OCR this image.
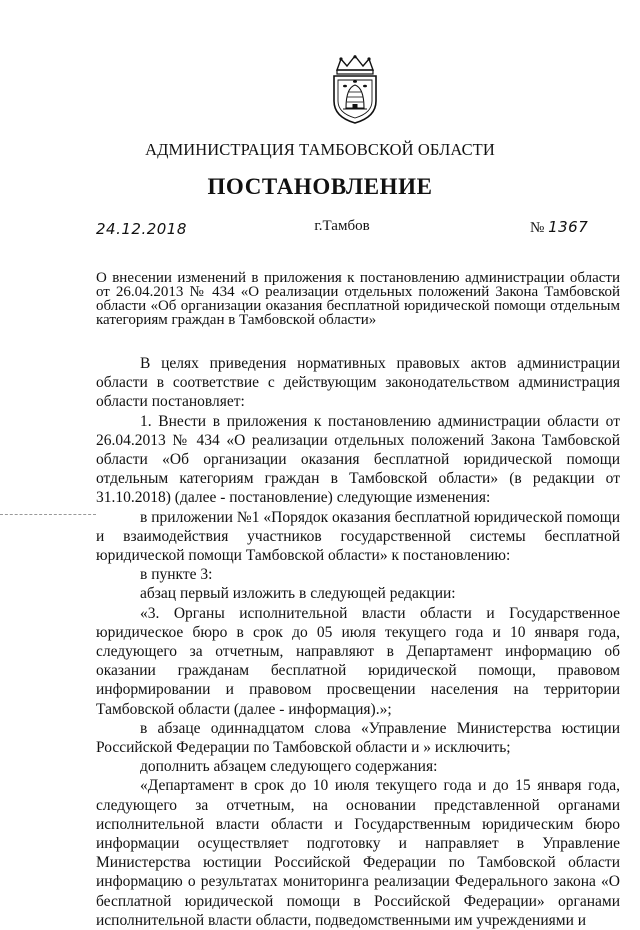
АДМИНИСТРАЦИЯ ТАМБОВСКОЙ ОБЛАСТИ
ПОСТАНОВЛЕНИЕ
24.12.2018	г.Тамбов	№ 1367
О внесении изменений в приложения к постановлению администрации области от 26.04.2013 № 434 «О реализации отдельных положений Закона Тамбовской области «Об организации оказания бесплатной юридической помощи отдельным категориям граждан в Тамбовской области»

В целях приведения нормативных правовых актов администрации области в соответствие с действующим законодательством администрация области постановляет:

1. Внести в приложения к постановлению администрации области от 26.04.2013 № 434 «О реализации отдельных положений Закона Тамбовской области «Об организации оказания бесплатной юридической помощи отдельным категориям граждан в Тамбовской области» (в редакции от 31.10.2018) (далее - постановление) следующие изменения:

в приложении №1 «Порядок оказания бесплатной юридической помощи и взаимодействия участников государственной системы бесплатной юридической помощи Тамбовской области» к постановлению:

в пункте 3:

абзац первый изложить в следующей редакции:

«3. Органы исполнительной власти области и Государственное юридическое бюро в срок до 05 июля текущего года и 10 января года, следующего за отчетным, направляют в Департамент информацию об оказании гражданам бесплатной юридической помощи, правовом информировании и правовом просвещении населения на территории Тамбовской области (далее - информация).»;

в абзаце одиннадцатом слова «Управление Министерства юстиции Российской Федерации по Тамбовской области и » исключить;

дополнить абзацем следующего содержания:

«Департамент в срок до 10 июля текущего года и до 15 января года, следующего за отчетным, на основании представленной органами исполнительной власти области и Государственным юридическим бюро информации осуществляет подготовку и направляет в Управление Министерства юстиции Российской Федерации по Тамбовской области информацию о результатах мониторинга реализации Федерального закона «О бесплатной юридической помощи в Российской Федерации» органами исполнительной власти области, подведомственными им учреждениями и
